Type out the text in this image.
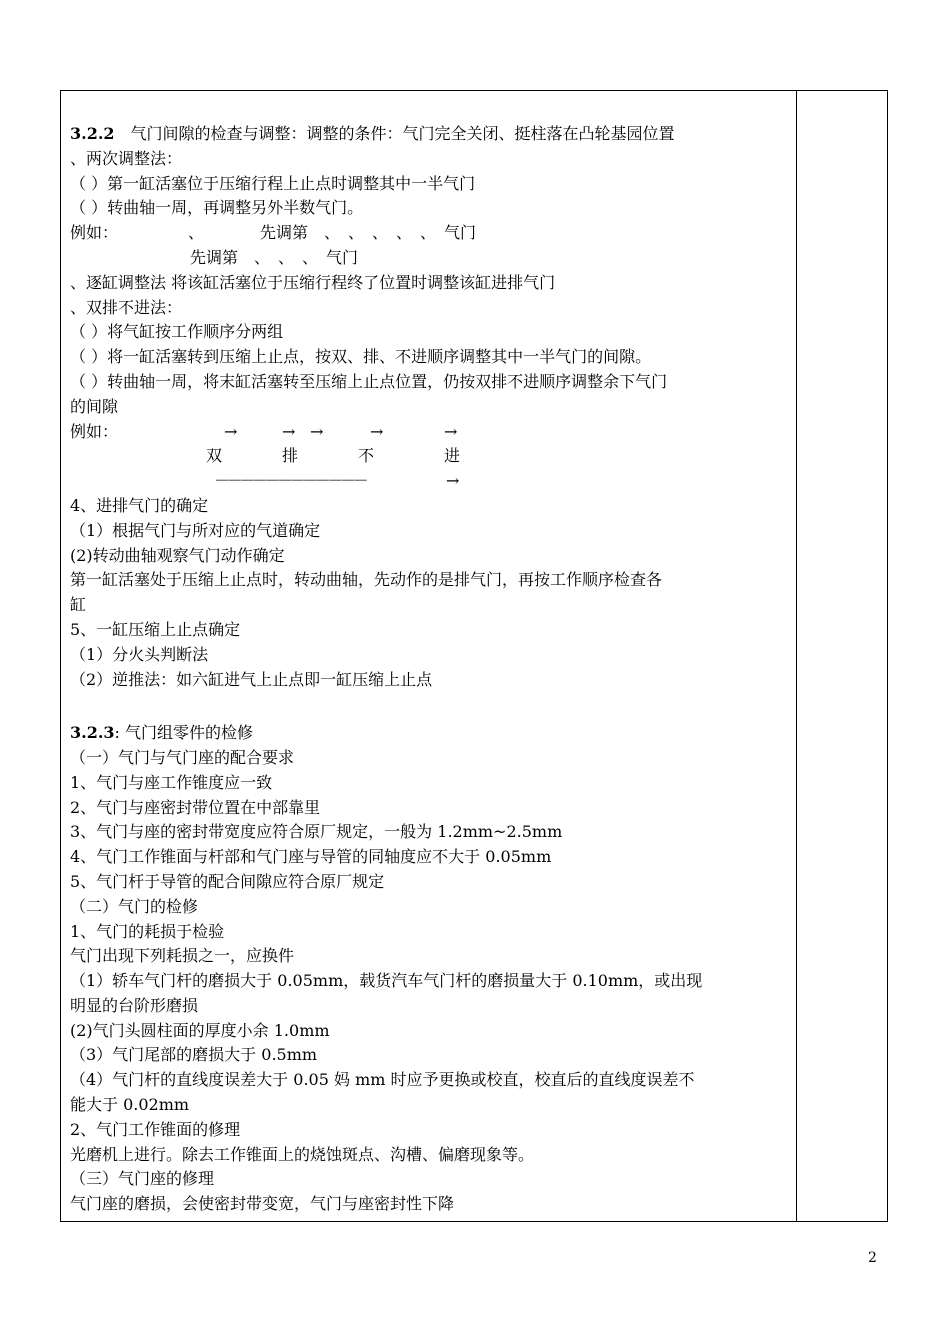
3.2.2　气门间隙的检查与调整：调整的条件：气门完全关闭、挺柱落在凸轮基园位置
、两次调整法：
（ ）第一缸活塞位于压缩行程上止点时调整其中一半气门
（ ）转曲轴一周，再调整另外半数气门。
例如：	、　　　　先调第　、　、　、　、　、　气门
先调第　、　、　、　气门
、逐缸调整法 将该缸活塞位于压缩行程终了位置时调整该缸进排气门
、双排不进法：
（ ）将气缸按工作顺序分两组
（ ）将一缸活塞转到压缩上止点，按双、排、不进顺序调整其中一半气门的间隙。
（ ）转曲轴一周，将末缸活塞转至压缩上止点位置，仍按双排不进顺序调整余下气门
的间隙
例如：	→	→ →	→	→
双	排	不	进
－－－－－－－－－－－－	→
4、进排气门的确定
（1）根据气门与所对应的气道确定
(2)转动曲轴观察气门动作确定
第一缸活塞处于压缩上止点时，转动曲轴，先动作的是排气门，再按工作顺序检查各
缸
5、一缸压缩上止点确定
（1）分火头判断法
（2）逆推法：如六缸进气上止点即一缸压缩上止点
3.2.3: 气门组零件的检修
（一）气门与气门座的配合要求
1、气门与座工作锥度应一致
2、气门与座密封带位置在中部靠里
3、气门与座的密封带宽度应符合原厂规定，一般为 1.2mm~2.5mm
4、气门工作锥面与杆部和气门座与导管的同轴度应不大于 0.05mm
5、气门杆于导管的配合间隙应符合原厂规定
（二）气门的检修
1、气门的耗损于检验
气门出现下列耗损之一，应换件
（1）轿车气门杆的磨损大于 0.05mm，载货汽车气门杆的磨损量大于 0.10mm，或出现
明显的台阶形磨损
(2)气门头圆柱面的厚度小余 1.0mm
（3）气门尾部的磨损大于 0.5mm
（4）气门杆的直线度误差大于 0.05 妈 mm 时应予更换或校直，校直后的直线度误差不
能大于 0.02mm
2、气门工作锥面的修理
光磨机上进行。除去工作锥面上的烧蚀斑点、沟槽、偏磨现象等。
（三）气门座的修理
气门座的磨损，会使密封带变宽，气门与座密封性下降
2
